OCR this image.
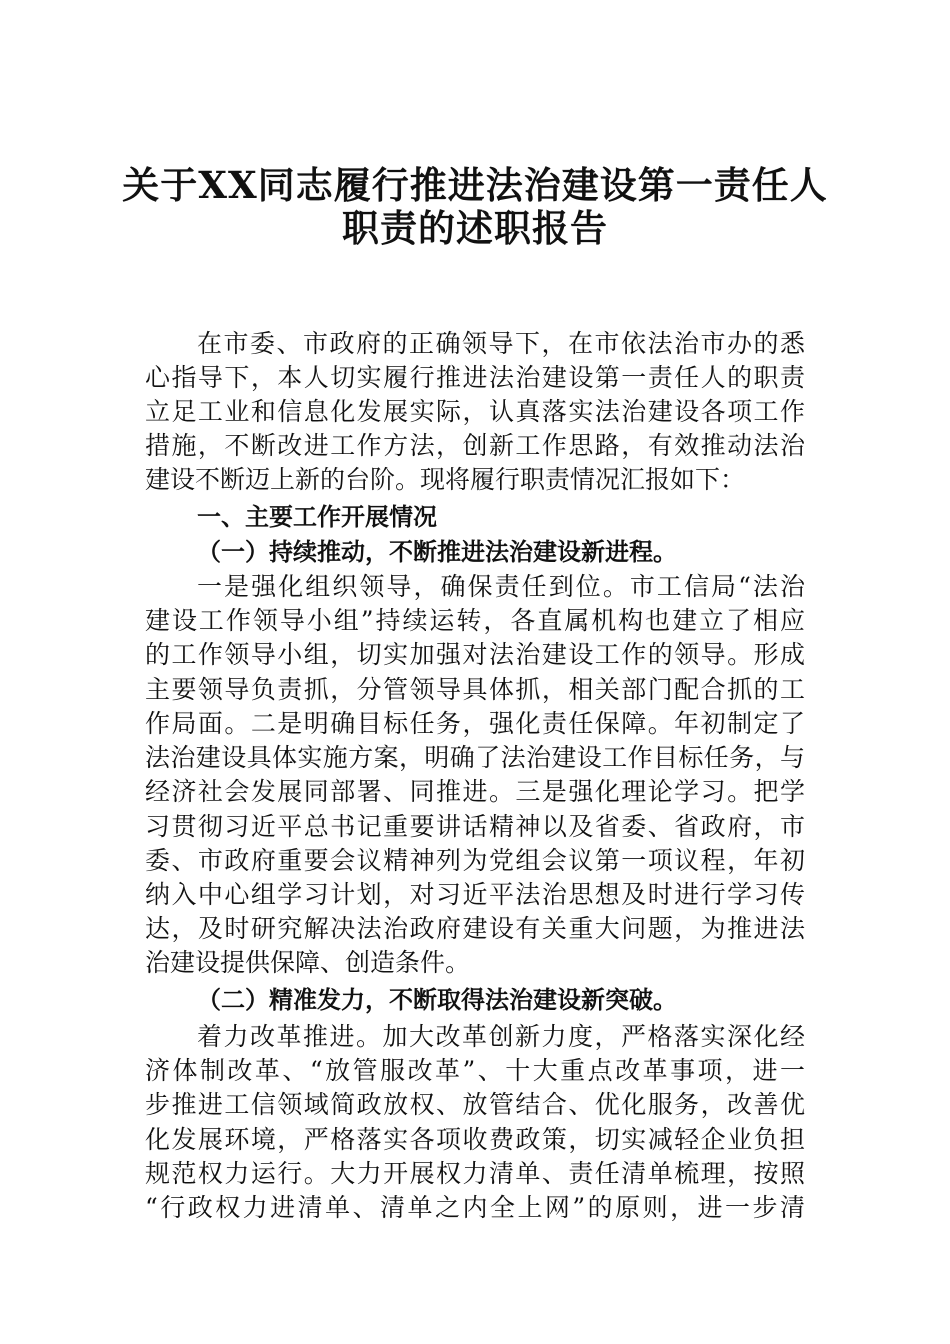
关于XX同志履行推进法治建设第一责任人
职责的述职报告
在市委、市政府的正确领导下，在市依法治市办的悉
心指导下，本人切实履行推进法治建设第一责任人的职责
立足工业和信息化发展实际，认真落实法治建设各项工作
措施，不断改进工作方法，创新工作思路，有效推动法治
建设不断迈上新的台阶。现将履行职责情况汇报如下：
一、主要工作开展情况
（一）持续推动，不断推进法治建设新进程。
一是强化组织领导，确保责任到位。市工信局“法治
建设工作领导小组”持续运转，各直属机构也建立了相应
的工作领导小组，切实加强对法治建设工作的领导。形成
主要领导负责抓，分管领导具体抓，相关部门配合抓的工
作局面。二是明确目标任务，强化责任保障。年初制定了
法治建设具体实施方案，明确了法治建设工作目标任务，与
经济社会发展同部署、同推进。三是强化理论学习。把学
习贯彻习近平总书记重要讲话精神以及省委、省政府，市
委、市政府重要会议精神列为党组会议第一项议程，年初
纳入中心组学习计划，对习近平法治思想及时进行学习传
达，及时研究解决法治政府建设有关重大问题，为推进法
治建设提供保障、创造条件。
（二）精准发力，不断取得法治建设新突破。
着力改革推进。加大改革创新力度，严格落实深化经
济体制改革、“放管服改革”、十大重点改革事项，进一
步推进工信领域简政放权、放管结合、优化服务，改善优
化发展环境，严格落实各项收费政策，切实减轻企业负担
规范权力运行。大力开展权力清单、责任清单梳理，按照
“行政权力进清单、清单之内全上网”的原则，进一步清
